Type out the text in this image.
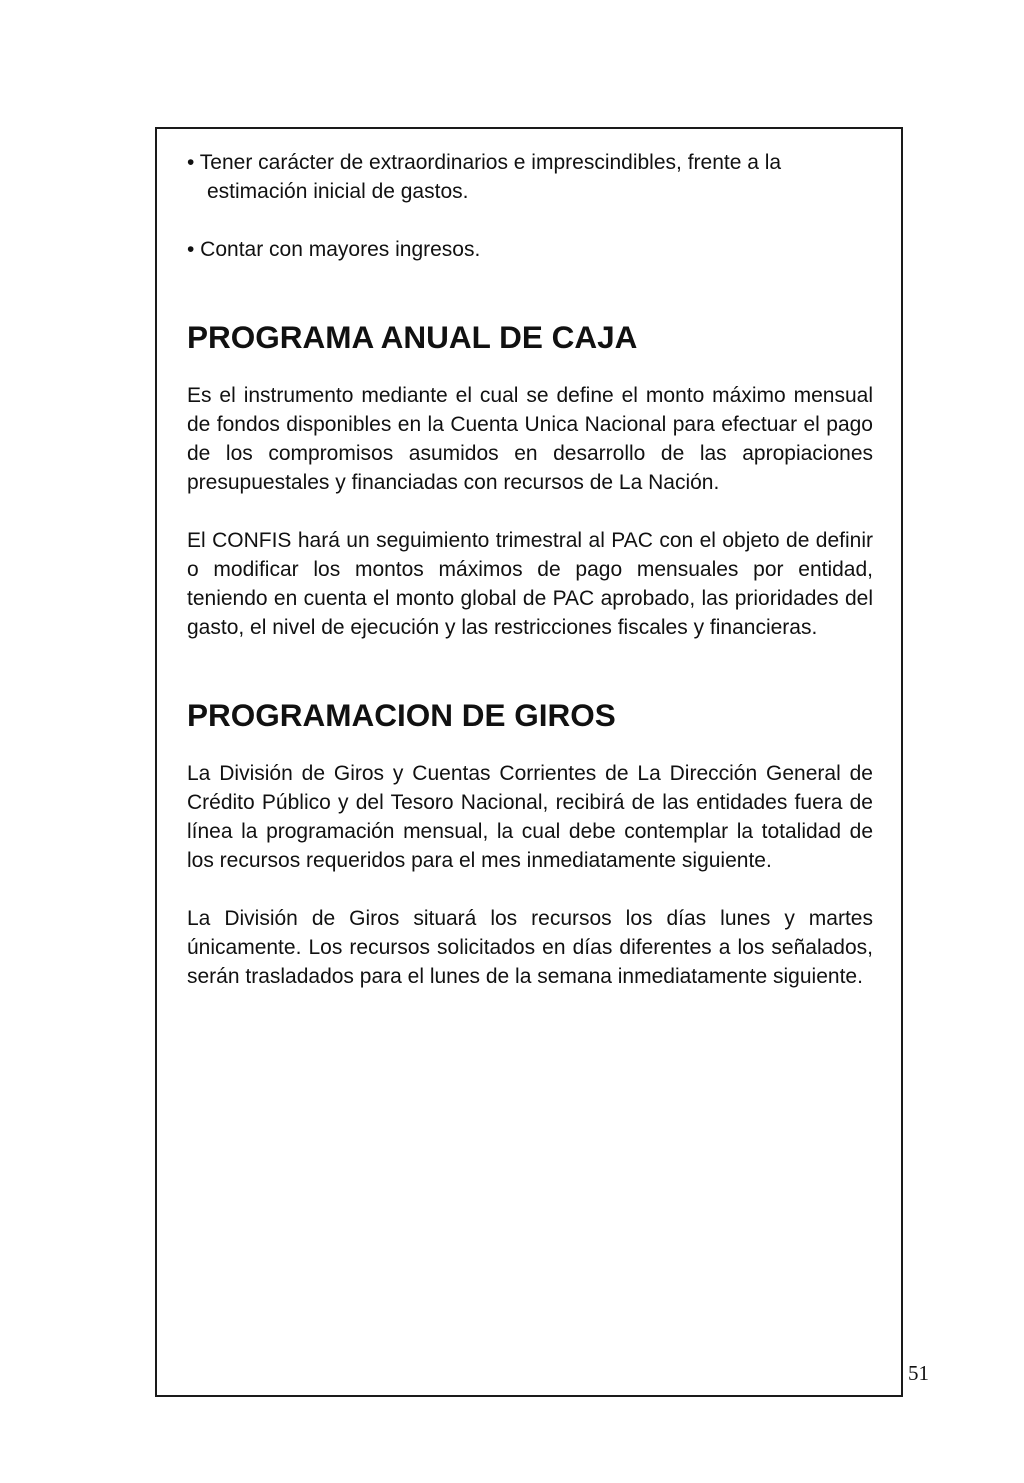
• Tener carácter de extraordinarios e imprescindibles, frente a la estimación inicial de gastos.

• Contar con mayores ingresos.

PROGRAMA ANUAL DE CAJA

Es el instrumento mediante el cual se define el monto máximo mensual de fondos disponibles en la Cuenta Unica Nacional para efectuar el pago de los compromisos asumidos en desarrollo de las apropiaciones presupuestales y financiadas con recursos de La Nación.

El CONFIS hará un seguimiento trimestral al PAC con el objeto de definir o modificar los montos máximos de pago mensuales por entidad, teniendo en cuenta el monto global de PAC aprobado, las prioridades del gasto, el nivel de ejecución y las restricciones fiscales y financieras.

PROGRAMACION DE GIROS

La División de Giros y Cuentas Corrientes de La Dirección General de Crédito Público y del Tesoro Nacional, recibirá de las entidades fuera de línea la programación mensual, la cual debe contemplar la totalidad de los recursos requeridos para el mes inmediatamente siguiente.

La División de Giros situará los recursos los días lunes y martes únicamente. Los recursos solicitados en días diferentes a los señalados, serán trasladados para el lunes de la semana inmediatamente siguiente.

51
